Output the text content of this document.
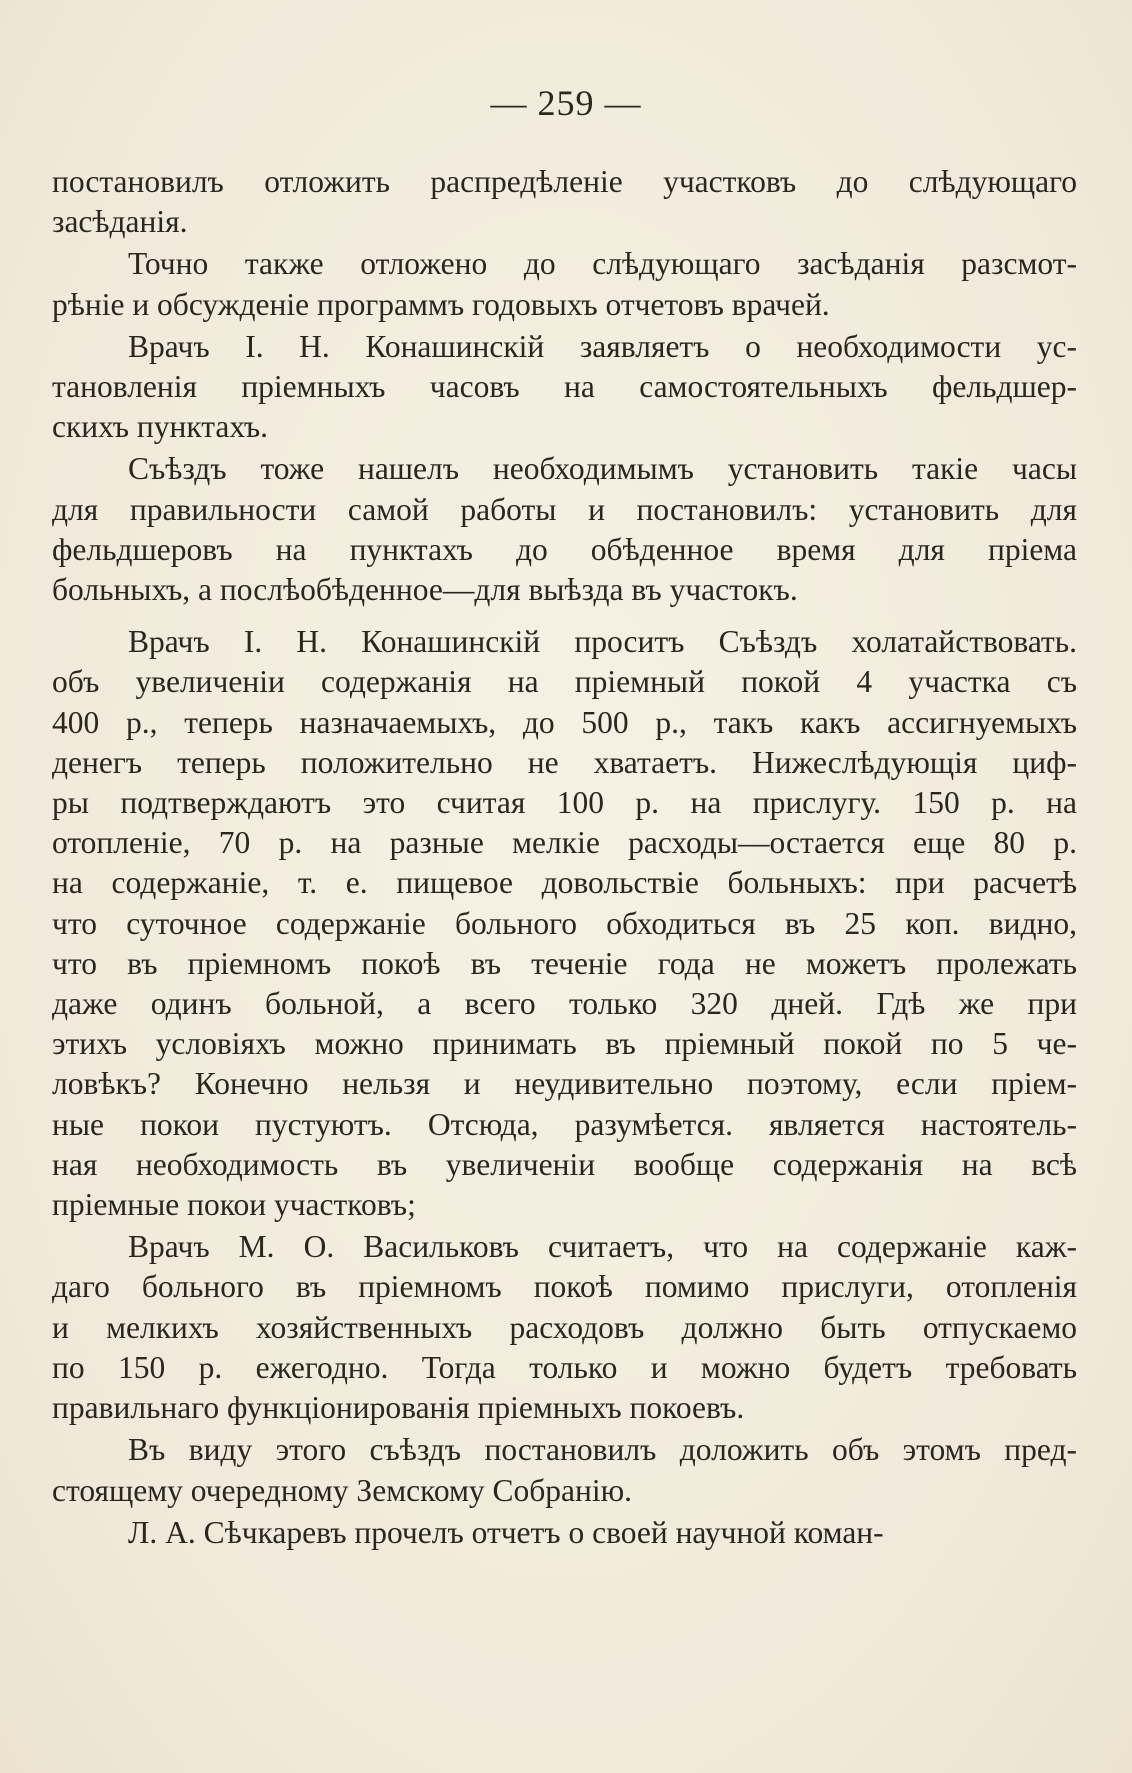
— 259 —
постановилъ отложить распредѣленіе участковъ до слѣдующаго
засѣданія.
Точно также отложено до слѣдующаго засѣданія разсмот-
рѣніе и обсужденіе программъ годовыхъ отчетовъ врачей.
Врачъ І. Н. Конашинскій заявляетъ о необходимости ус-
тановленія пріемныхъ часовъ на самостоятельныхъ фельдшер-
скихъ пунктахъ.
Съѣздъ тоже нашелъ необходимымъ установить такіе часы
для правильности самой работы и постановилъ: установить для
фельдшеровъ на пунктахъ до обѣденное время для пріема
больныхъ, а послѣобѣденное—для выѣзда въ участокъ.
Врачъ І. Н. Конашинскій проситъ Съѣздъ холатайствовать.
объ увеличеніи содержанія на пріемный покой 4 участка съ
400 р., теперь назначаемыхъ, до 500 р., такъ какъ ассигнуемыхъ
денегъ теперь положительно не хватаетъ. Нижеслѣдующія циф-
ры подтверждаютъ это считая 100 р. на прислугу. 150 р. на
отопленіе, 70 р. на разные мелкіе расходы—остается еще 80 р.
на содержаніе, т. е. пищевое довольствіе больныхъ: при расчетѣ
что суточное содержаніе больного обходиться въ 25 коп. видно,
что въ пріемномъ покоѣ въ теченіе года не можетъ пролежать
даже одинъ больной, а всего только 320 дней. Гдѣ же при
этихъ условіяхъ можно принимать въ пріемный покой по 5 че-
ловѣкъ? Конечно нельзя и неудивительно поэтому, если пріем-
ные покои пустуютъ. Отсюда, разумѣется. является настоятель-
ная необходимость въ увеличеніи вообще содержанія на всѣ
пріемные покои участковъ;
Врачъ М. О. Васильковъ считаетъ, что на содержаніе каж-
даго больного въ пріемномъ покоѣ помимо прислуги, отопленія
и мелкихъ хозяйственныхъ расходовъ должно быть отпускаемо
по 150 р. ежегодно. Тогда только и можно будетъ требовать
правильнаго функціонированія пріемныхъ покоевъ.
Въ виду этого съѣздъ постановилъ доложить объ этомъ пред-
стоящему очередному Земскому Собранію.
Л. А. Сѣчкаревъ прочелъ отчетъ о своей научной коман-
